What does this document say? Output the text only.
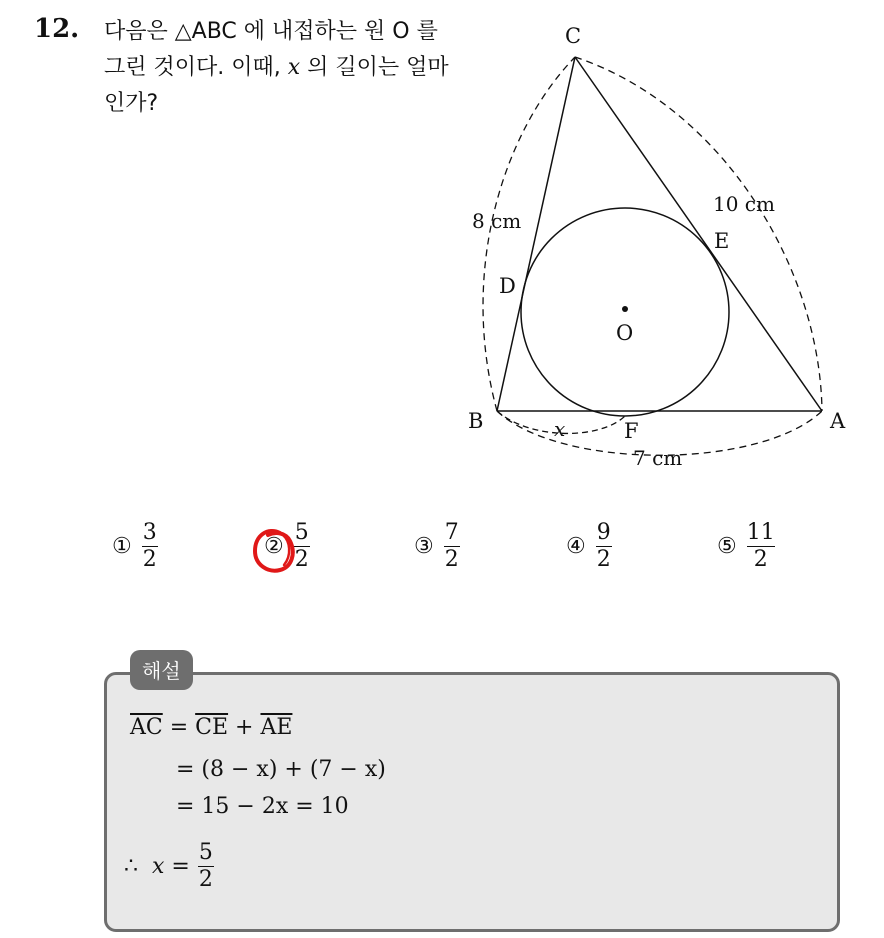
12. 다음은 △ABC 에 내접하는 원 O 를 그린 것이다. 이때, x 의 길이는 얼마인가?
C
B	A
D
E
F
O
8 cm
10 cm
7 cm
x
① $\frac{3}{2}$	② $\frac{5}{2}$	③ $\frac{7}{2}$	④ $\frac{9}{2}$	⑤ $\frac{11}{2}$
해설
$\overline{AC} = \overline{CE} + \overline{AE}$
= (8 − x) + (7 − x)
= 15 − 2x = 10
∴ $x = \frac{5}{2}$
